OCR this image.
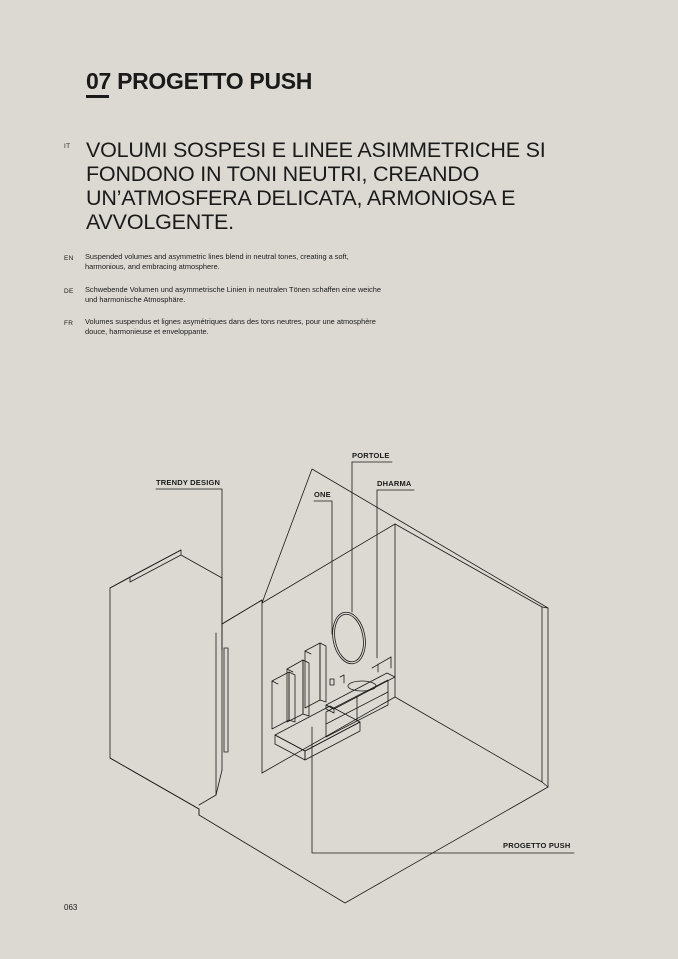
07 PROGETTO PUSH
IT VOLUMI SOSPESI E LINEE ASIMMETRICHE SI FONDONO IN TONI NEUTRI, CREANDO UN’ATMOSFERA DELICATA, ARMONIOSA E AVVOLGENTE.
EN Suspended volumes and asymmetric lines blend in neutral tones, creating a soft, harmonious, and embracing atmosphere.

DE Schwebende Volumen und asymmetrische Linien in neutralen Tönen schaffen eine weiche und harmonische Atmosphäre.

FR Volumes suspendus et lignes asymétriques dans des tons neutres, pour une atmosphère douce, harmonieuse et enveloppante.

TRENDY DESIGN
PORTOLE
ONE
DHARMA
PROGETTO PUSH
063
